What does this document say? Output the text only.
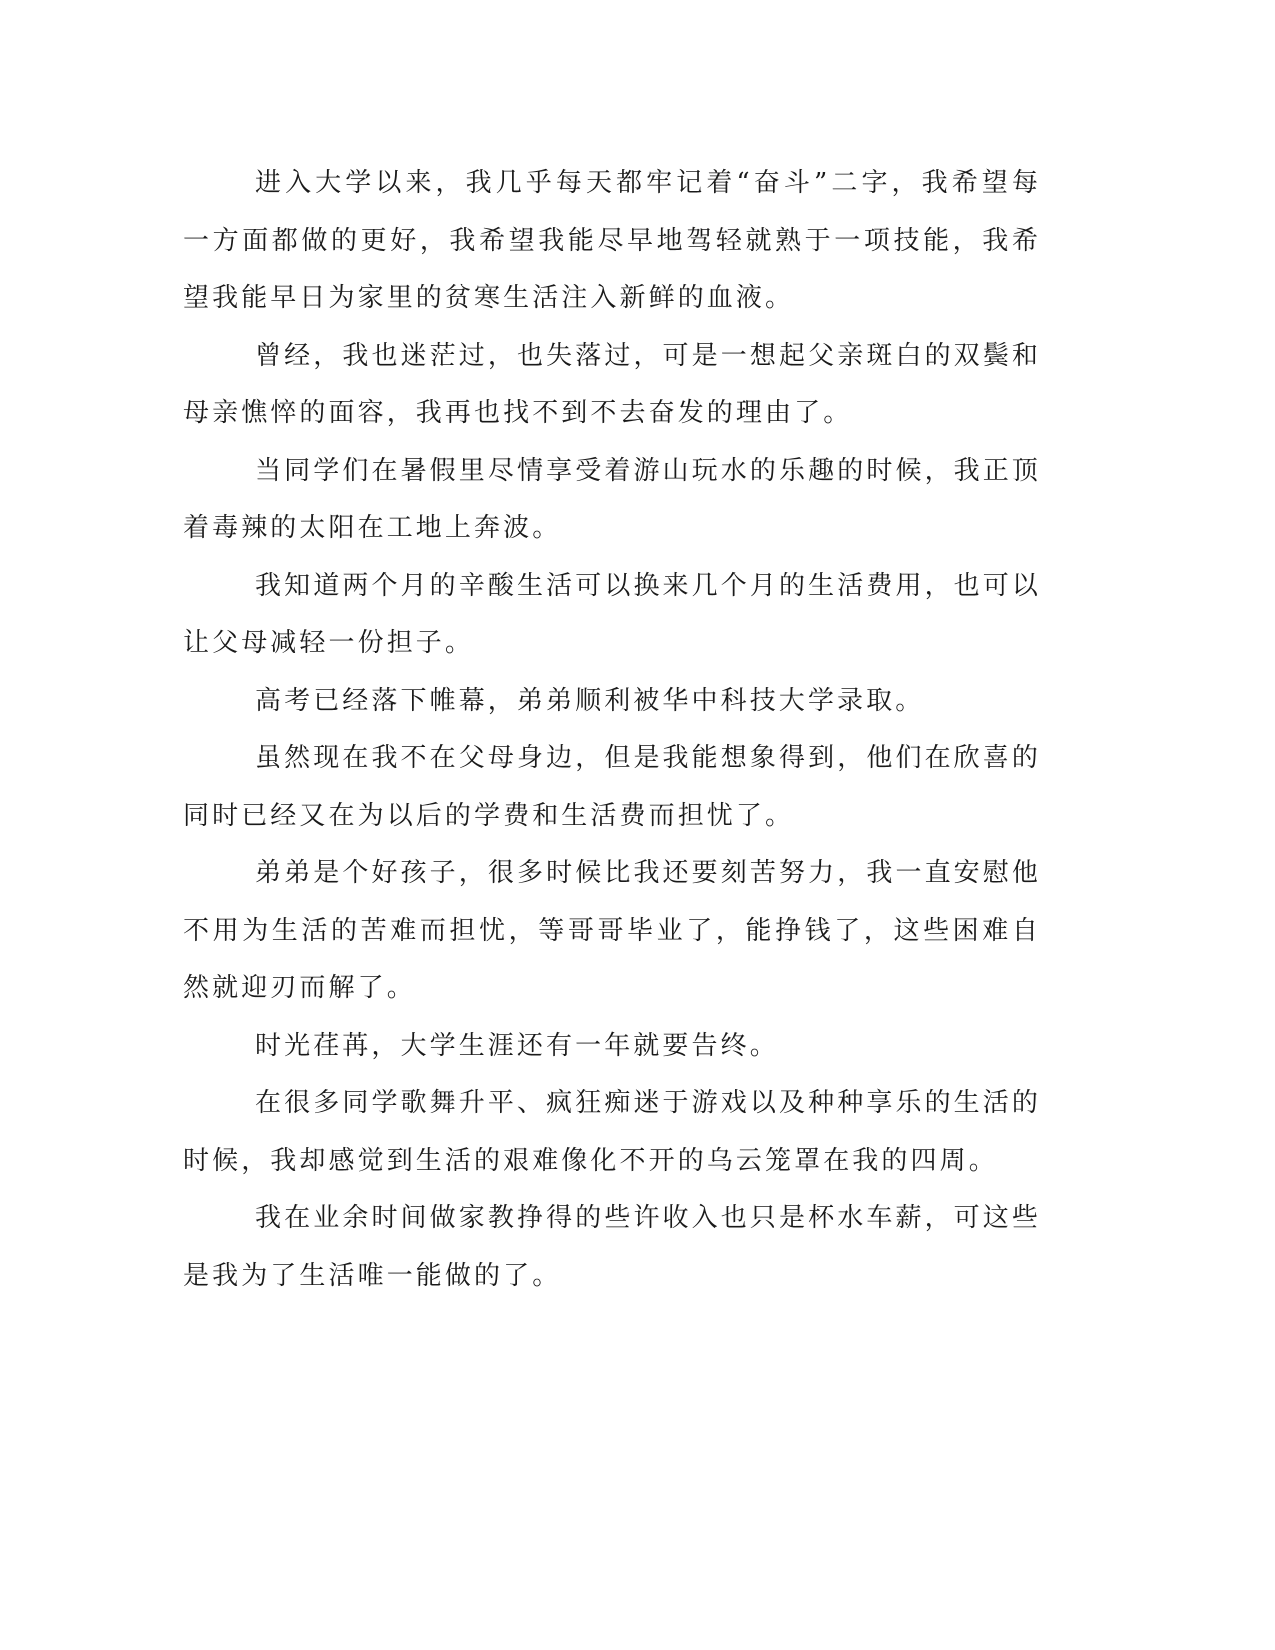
进入大学以来，我几乎每天都牢记着“奋斗”二字，我希望每一方面都做的更好，我希望我能尽早地驾轻就熟于一项技能，我希望我能早日为家里的贫寒生活注入新鲜的血液。

曾经，我也迷茫过，也失落过，可是一想起父亲斑白的双鬓和母亲憔悴的面容，我再也找不到不去奋发的理由了。

当同学们在暑假里尽情享受着游山玩水的乐趣的时候，我正顶着毒辣的太阳在工地上奔波。

我知道两个月的辛酸生活可以换来几个月的生活费用，也可以让父母减轻一份担子。

高考已经落下帷幕，弟弟顺利被华中科技大学录取。

虽然现在我不在父母身边，但是我能想象得到，他们在欣喜的同时已经又在为以后的学费和生活费而担忧了。

弟弟是个好孩子，很多时候比我还要刻苦努力，我一直安慰他不用为生活的苦难而担忧，等哥哥毕业了，能挣钱了，这些困难自然就迎刃而解了。

时光荏苒，大学生涯还有一年就要告终。

在很多同学歌舞升平、疯狂痴迷于游戏以及种种享乐的生活的时候，我却感觉到生活的艰难像化不开的乌云笼罩在我的四周。

我在业余时间做家教挣得的些许收入也只是杯水车薪，可这些是我为了生活唯一能做的了。
